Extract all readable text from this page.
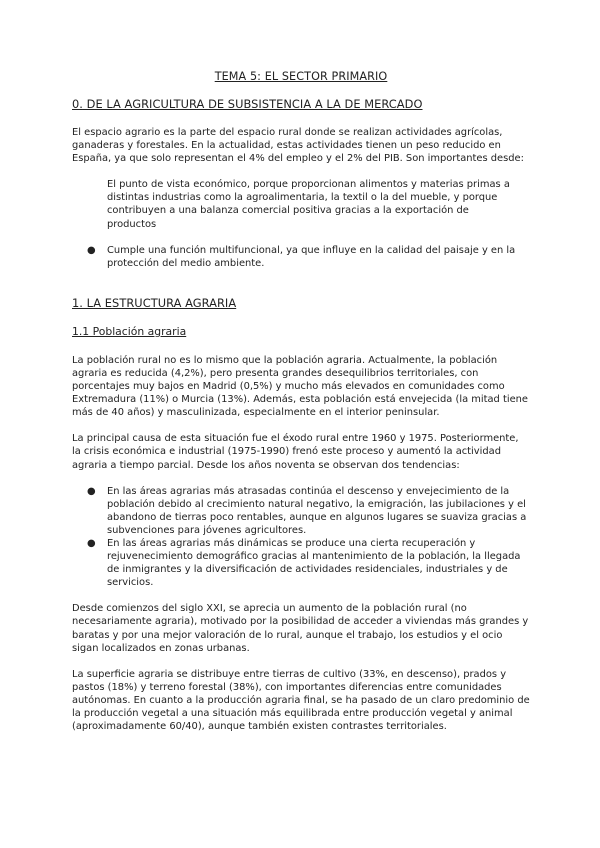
TEMA 5: EL SECTOR PRIMARIO
0. DE LA AGRICULTURA DE SUBSISTENCIA A LA DE MERCADO

El espacio agrario es la parte del espacio rural donde se realizan actividades agrícolas, ganaderas y forestales. En la actualidad, estas actividades tienen un peso reducido en España, ya que solo representan el 4% del empleo y el 2% del PIB. Son importantes desde:

El punto de vista económico, porque proporcionan alimentos y materias primas a distintas industrias como la agroalimentaria, la textil o la del mueble, y porque contribuyen a una balanza comercial positiva gracias a la exportación de productos

● Cumple una función multifuncional, ya que influye en la calidad del paisaje y en la protección del medio ambiente.
1. LA ESTRUCTURA AGRARIA
1.1 Población agraria

La población rural no es lo mismo que la población agraria. Actualmente, la población agraria es reducida (4,2%), pero presenta grandes desequilibrios territoriales, con porcentajes muy bajos en Madrid (0,5%) y mucho más elevados en comunidades como Extremadura (11%) o Murcia (13%). Además, esta población está envejecida (la mitad tiene más de 40 años) y masculinizada, especialmente en el interior peninsular.

La principal causa de esta situación fue el éxodo rural entre 1960 y 1975. Posteriormente, la crisis económica e industrial (1975-1990) frenó este proceso y aumentó la actividad agraria a tiempo parcial. Desde los años noventa se observan dos tendencias:

● En las áreas agrarias más atrasadas continúa el descenso y envejecimiento de la población debido al crecimiento natural negativo, la emigración, las jubilaciones y el abandono de tierras poco rentables, aunque en algunos lugares se suaviza gracias a subvenciones para jóvenes agricultores.
● En las áreas agrarias más dinámicas se produce una cierta recuperación y rejuvenecimiento demográfico gracias al mantenimiento de la población, la llegada de inmigrantes y la diversificación de actividades residenciales, industriales y de servicios.

Desde comienzos del siglo XXI, se aprecia un aumento de la población rural (no necesariamente agraria), motivado por la posibilidad de acceder a viviendas más grandes y baratas y por una mejor valoración de lo rural, aunque el trabajo, los estudios y el ocio sigan localizados en zonas urbanas.

La superficie agraria se distribuye entre tierras de cultivo (33%, en descenso), prados y pastos (18%) y terreno forestal (38%), con importantes diferencias entre comunidades autónomas. En cuanto a la producción agraria final, se ha pasado de un claro predominio de la producción vegetal a una situación más equilibrada entre producción vegetal y animal (aproximadamente 60/40), aunque también existen contrastes territoriales.
